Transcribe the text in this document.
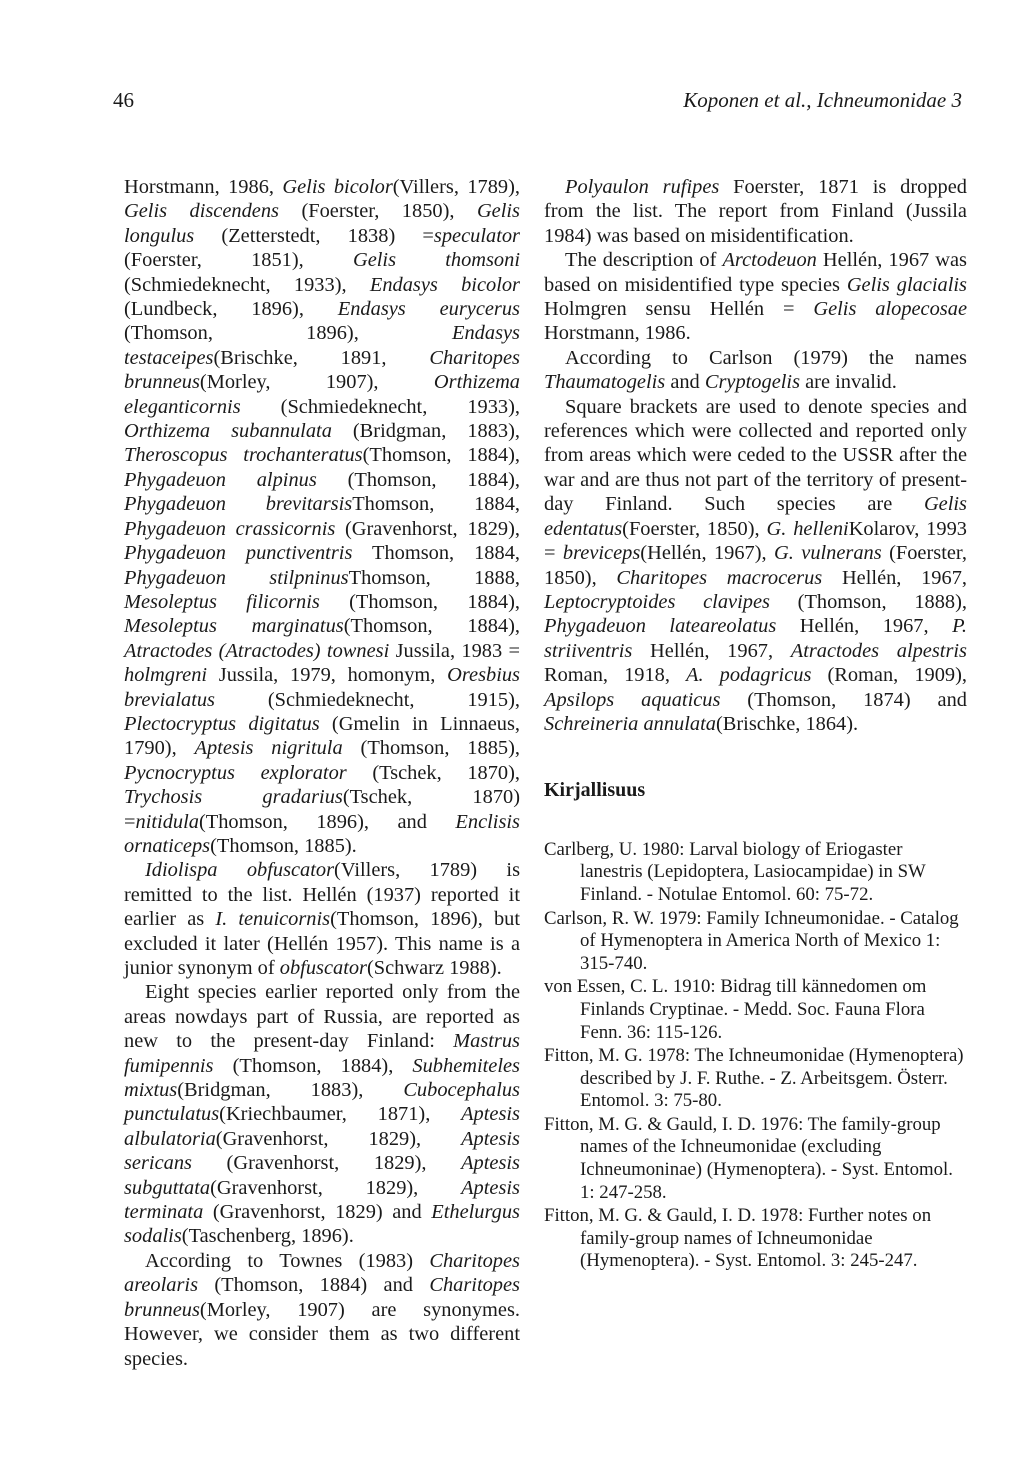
46	Koponen et al., Ichneumonidae 3

Horstmann, 1986, Gelis bicolor(Villers, 1789), Gelis discendens (Foerster, 1850), Gelis longulus (Zetterstedt, 1838) =speculator (Foerster, 1851), Gelis thomsoni (Schmiedeknecht, 1933), Endasys bicolor (Lundbeck, 1896), Endasys eurycerus (Thomson, 1896), Endasys testaceipes(Brischke, 1891, Charitopes brunneus(Morley, 1907), Orthizema eleganticornis (Schmiedeknecht, 1933), Orthizema subannulata (Bridgman, 1883), Theroscopus trochanteratus(Thomson, 1884), Phygadeuon alpinus (Thomson, 1884), Phygadeuon brevitarsisThomson, 1884, Phygadeuon crassicornis (Gravenhorst, 1829), Phygadeuon punctiventris Thomson, 1884, Phygadeuon stilpninusThomson, 1888, Mesoleptus filicornis (Thomson, 1884), Mesoleptus marginatus(Thomson, 1884), Atractodes (Atractodes) townesi Jussila, 1983 = holmgreni Jussila, 1979, homonym, Oresbius brevialatus (Schmiedeknecht, 1915), Plectocryptus digitatus (Gmelin in Linnaeus, 1790), Aptesis nigritula (Thomson, 1885), Pycnocryptus explorator (Tschek, 1870), Trychosis gradarius(Tschek, 1870) =nitidula(Thomson, 1896), and Enclisis ornaticeps(Thomson, 1885).

Idiolispa obfuscator(Villers, 1789) is remitted to the list. Hellén (1937) reported it earlier as I. tenuicornis(Thomson, 1896), but excluded it later (Hellén 1957). This name is a junior synonym of obfuscator(Schwarz 1988).

Eight species earlier reported only from the areas nowdays part of Russia, are reported as new to the present-day Finland: Mastrus fumipennis (Thomson, 1884), Subhemiteles mixtus(Bridgman, 1883), Cubocephalus punctulatus(Kriechbaumer, 1871), Aptesis albulatoria(Gravenhorst, 1829), Aptesis sericans (Gravenhorst, 1829), Aptesis subguttata(Gravenhorst, 1829), Aptesis terminata (Gravenhorst, 1829) and Ethelurgus sodalis(Taschenberg, 1896).

According to Townes (1983) Charitopes areolaris (Thomson, 1884) and Charitopes brunneus(Morley, 1907) are synonymes. However, we consider them as two different species.

Polyaulon rufipes Foerster, 1871 is dropped from the list. The report from Finland (Jussila 1984) was based on misidentification.

The description of Arctodeuon Hellén, 1967 was based on misidentified type species Gelis glacialis Holmgren sensu Hellén = Gelis alopecosae Horstmann, 1986.

According to Carlson (1979) the names Thaumatogelis and Cryptogelis are invalid.

Square brackets are used to denote species and references which were collected and reported only from areas which were ceded to the USSR after the war and are thus not part of the territory of present-day Finland. Such species are Gelis edentatus(Foerster, 1850), G. helleniKolarov, 1993 = breviceps(Hellén, 1967), G. vulnerans (Foerster, 1850), Charitopes macrocerus Hellén, 1967, Leptocryptoides clavipes (Thomson, 1888), Phygadeuon lateareolatus Hellén, 1967, P. striiventris Hellén, 1967, Atractodes alpestris Roman, 1918, A. podagricus (Roman, 1909), Apsilops aquaticus (Thomson, 1874) and Schreineria annulata(Brischke, 1864).

Kirjallisuus
Carlberg, U. 1980: Larval biology of Eriogaster lanestris (Lepidoptera, Lasiocampidae) in SW Finland. - Notulae Entomol. 60: 75-72.
Carlson, R. W. 1979: Family Ichneumonidae. - Catalog of Hymenoptera in America North of Mexico 1: 315-740.
von Essen, C. L. 1910: Bidrag till kännedomen om Finlands Cryptinae. - Medd. Soc. Fauna Flora Fenn. 36: 115-126.
Fitton, M. G. 1978: The Ichneumonidae (Hymenoptera) described by J. F. Ruthe. - Z. Arbeitsgem. Österr. Entomol. 3: 75-80.
Fitton, M. G. & Gauld, I. D. 1976: The family-group names of the Ichneumonidae (excluding Ichneumoninae) (Hymenoptera). - Syst. Entomol. 1: 247-258.
Fitton, M. G. & Gauld, I. D. 1978: Further notes on family-group names of Ichneumonidae (Hymenoptera). - Syst. Entomol. 3: 245-247.
